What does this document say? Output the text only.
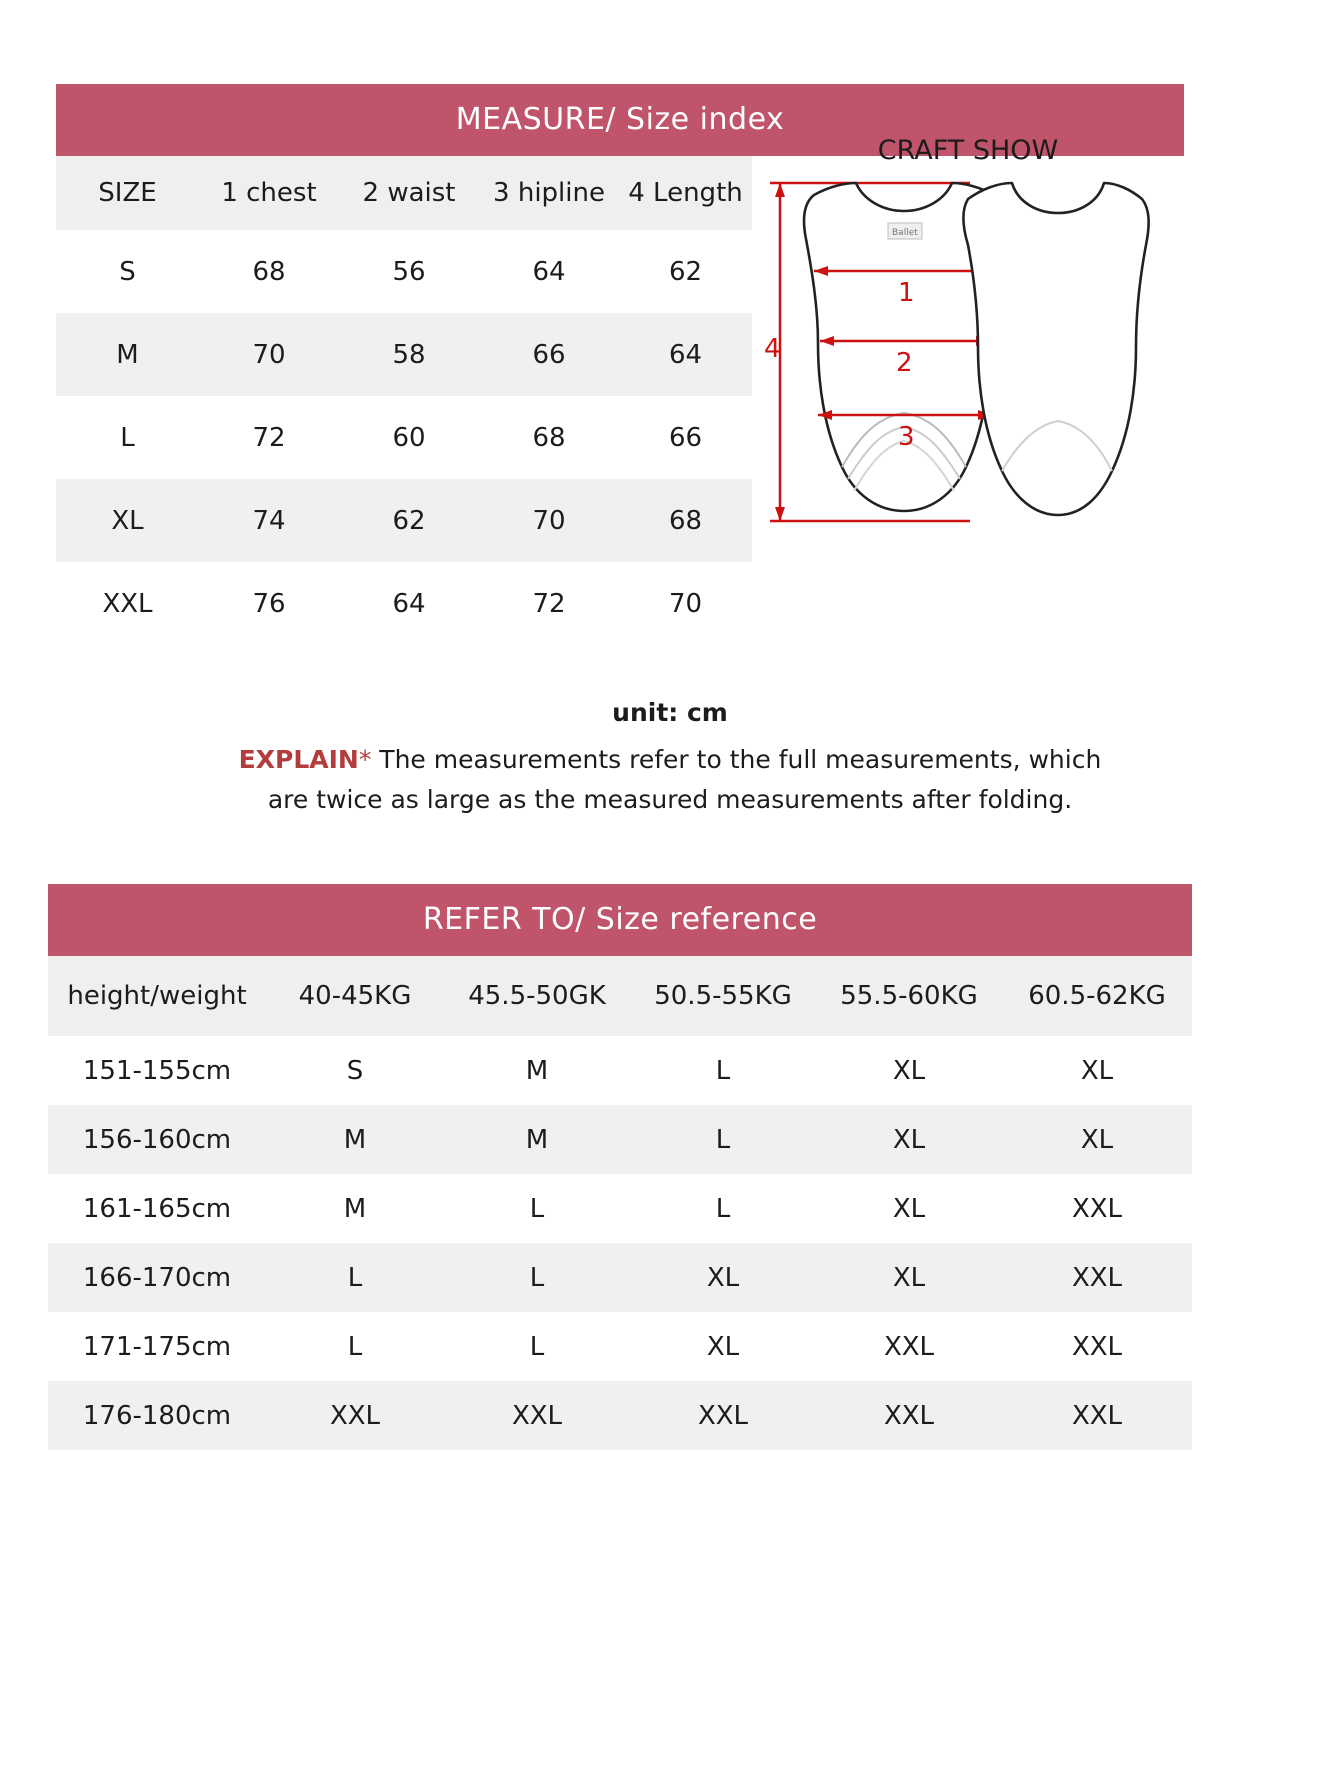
MEASURE/ Size index
SIZE	1 chest	2 waist	3 hipline	4 Length	
CRAFT SHOW
4
Ballet
1
2
3

S	68	56	64	62	
M	70	58	66	64	
L	72	60	68	66	
XL	74	62	70	68	
XXL	76	64	72	70	
unit: cm
EXPLAIN* The measurements refer to the full measurements, which
are twice as large as the measured measurements after folding.
REFER TO/ Size reference
height/weight	40-45KG	45.5-50GK	50.5-55KG	55.5-60KG	60.5-62KG
151-155cm	S	M	L	XL	XL
156-160cm	M	M	L	XL	XL
161-165cm	M	L	L	XL	XXL
166-170cm	L	L	XL	XL	XXL
171-175cm	L	L	XL	XXL	XXL
176-180cm	XXL	XXL	XXL	XXL	XXL
